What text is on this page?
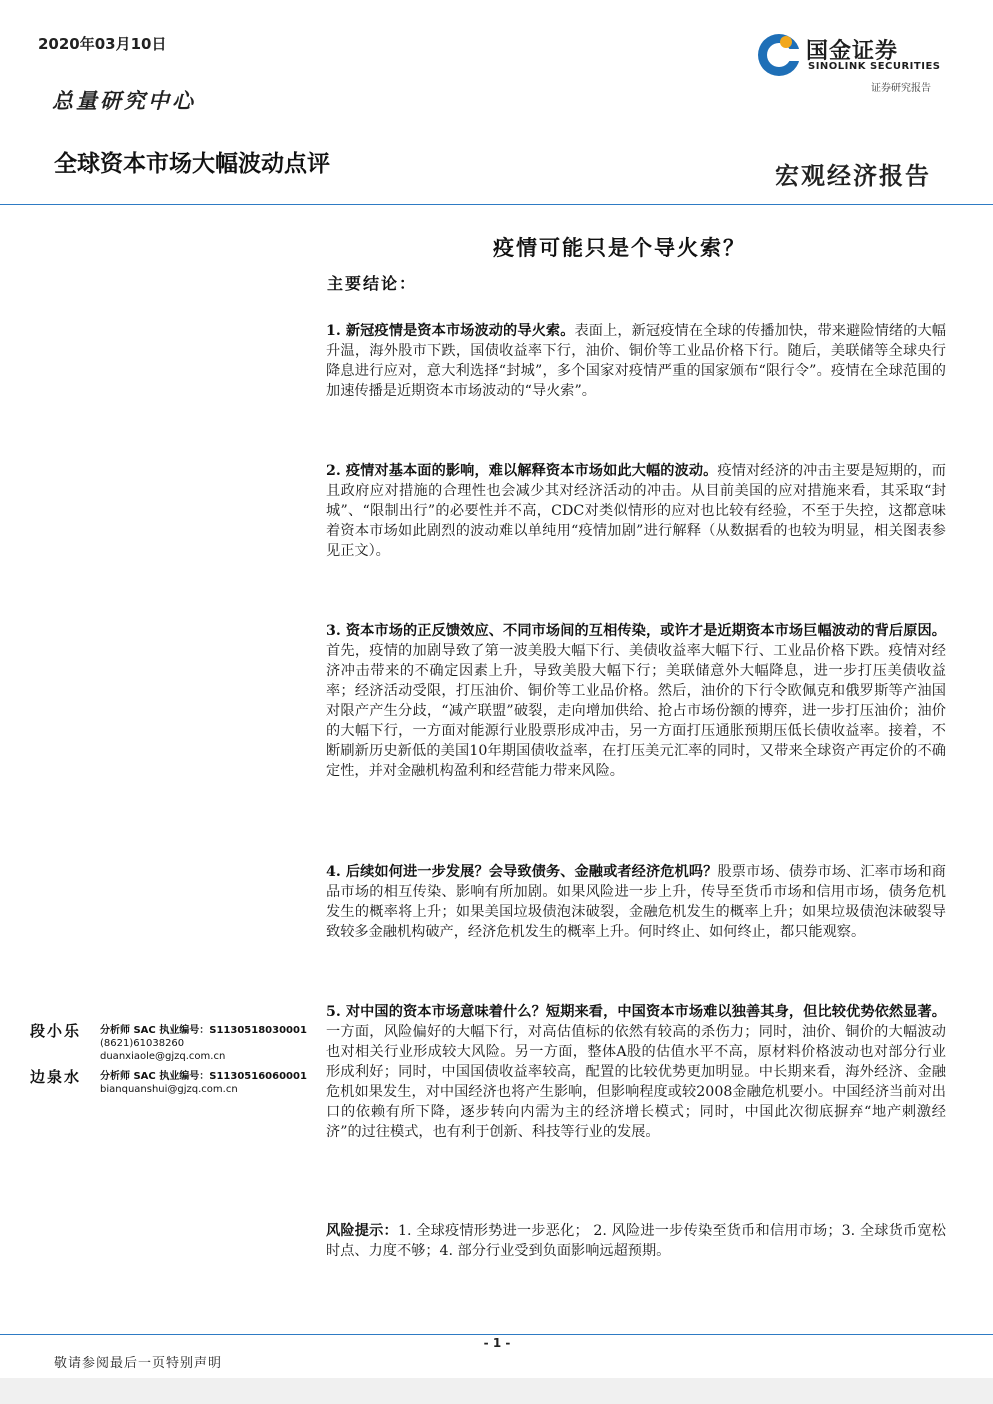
2020年03月10日
总量研究中心
全球资本市场大幅波动点评	宏观经济报告
国金证券
SINOLINK SECURITIES
证券研究报告
疫情可能只是个导火索？
主要结论：
1. 新冠疫情是资本市场波动的导火索。表面上，新冠疫情在全球的传播加快，带来避险情绪的大幅升温，海外股市下跌，国债收益率下行，油价、铜价等工业品价格下行。随后，美联储等全球央行降息进行应对，意大利选择“封城”，多个国家对疫情严重的国家颁布“限行令”。疫情在全球范围的加速传播是近期资本市场波动的“导火索”。
2. 疫情对基本面的影响，难以解释资本市场如此大幅的波动。疫情对经济的冲击主要是短期的，而且政府应对措施的合理性也会减少其对经济活动的冲击。从目前美国的应对措施来看，其采取“封城”、“限制出行”的必要性并不高，CDC对类似情形的应对也比较有经验，不至于失控，这都意味着资本市场如此剧烈的波动难以单纯用“疫情加剧”进行解释（从数据看的也较为明显，相关图表参见正文）。
3. 资本市场的正反馈效应、不同市场间的互相传染，或许才是近期资本市场巨幅波动的背后原因。首先，疫情的加剧导致了第一波美股大幅下行、美债收益率大幅下行、工业品价格下跌。疫情对经济冲击带来的不确定因素上升，导致美股大幅下行；美联储意外大幅降息，进一步打压美债收益率；经济活动受限，打压油价、铜价等工业品价格。然后，油价的下行令欧佩克和俄罗斯等产油国对限产产生分歧，“减产联盟”破裂，走向增加供给、抢占市场份额的博弈，进一步打压油价；油价的大幅下行，一方面对能源行业股票形成冲击，另一方面打压通胀预期压低长债收益率。接着，不断刷新历史新低的美国10年期国债收益率，在打压美元汇率的同时，又带来全球资产再定价的不确定性，并对金融机构盈利和经营能力带来风险。
4. 后续如何进一步发展？会导致债务、金融或者经济危机吗？股票市场、债券市场、汇率市场和商品市场的相互传染、影响有所加剧。如果风险进一步上升，传导至货币市场和信用市场，债务危机发生的概率将上升；如果美国垃圾债泡沫破裂，金融危机发生的概率上升；如果垃圾债泡沫破裂导致较多金融机构破产，经济危机发生的概率上升。何时终止、如何终止，都只能观察。
5. 对中国的资本市场意味着什么？短期来看，中国资本市场难以独善其身，但比较优势依然显著。一方面，风险偏好的大幅下行，对高估值标的依然有较高的杀伤力；同时，油价、铜价的大幅波动也对相关行业形成较大风险。另一方面，整体A股的估值水平不高，原材料价格波动也对部分行业形成利好；同时，中国国债收益率较高，配置的比较优势更加明显。中长期来看，海外经济、金融危机如果发生，对中国经济也将产生影响，但影响程度或较2008金融危机要小。中国经济当前对出口的依赖有所下降，逐步转向内需为主的经济增长模式；同时，中国此次彻底摒弃“地产刺激经济”的过往模式，也有利于创新、科技等行业的发展。
风险提示：1. 全球疫情形势进一步恶化； 2. 风险进一步传染至货币和信用市场；3. 全球货币宽松时点、力度不够；4. 部分行业受到负面影响远超预期。
段小乐 分析师 SAC 执业编号：S1130518030001
(8621)61038260
duanxiaole@gjzq.com.cn
边泉水 分析师 SAC 执业编号：S1130516060001
bianquanshui@gjzq.com.cn
- 1 -
敬请参阅最后一页特别声明
